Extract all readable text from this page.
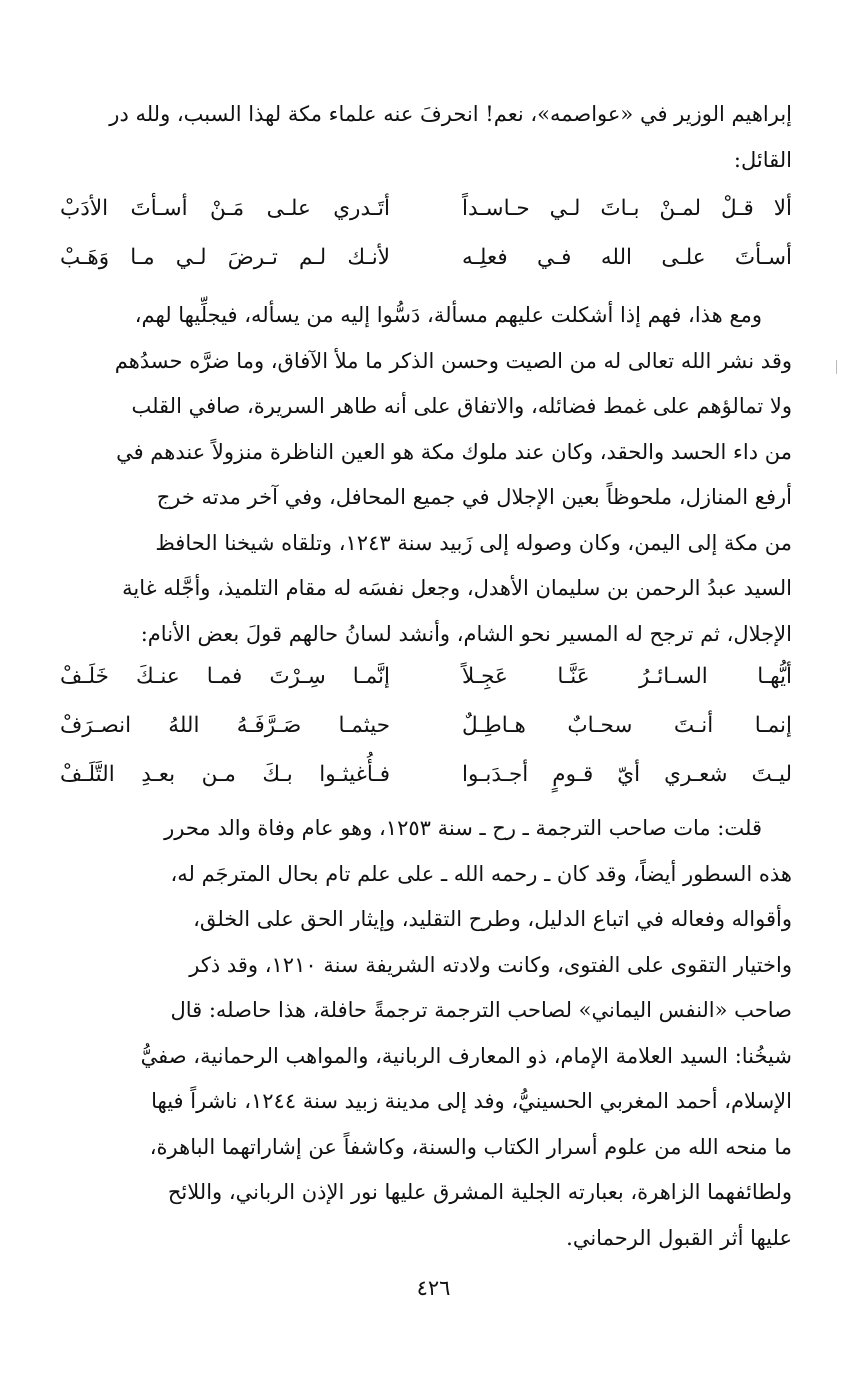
إبراهيم الوزير في «عواصمه»، نعم! انحرفَ عنه علماء مكة لهذا السبب، ولله در
القائل:
ألا قـلْ لمـنْ بـاتَ لـي حـاسـداً
أتَـدري علـى مَـنْ أسـأتَ الأدَبْ
أسـأتَ علـى الله فـي فعلِـه
لأنـك لـم تـرضَ لـي مـا وَهَـبْ
ومع هذا، فهم إذا أشكلت عليهم مسألة، دَسُّوا إليه من يسأله، فيجلِّيها لهم،
وقد نشر الله تعالى له من الصيت وحسن الذكر ما ملأ الآفاق، وما ضرَّه حسدُهم
ولا تمالؤهم على غمط فضائله، والاتفاق على أنه طاهر السريرة، صافي القلب
من داء الحسد والحقد، وكان عند ملوك مكة هو العين الناظرة منزولاً عندهم في
أرفع المنازل، ملحوظاً بعين الإجلال في جميع المحافل، وفي آخر مدته خرج
من مكة إلى اليمن، وكان وصوله إلى زَبيد سنة ١٢٤٣، وتلقاه شيخنا الحافظ
السيد عبدُ الرحمن بن سليمان الأهدل، وجعل نفسَه له مقام التلميذ، وأجَّله غاية
الإجلال، ثم ترجح له المسير نحو الشام، وأنشد لسانُ حالهم قولَ بعض الأنام:
أيُّهـا السـائـرُ عَنَّـا عَجِـلاً
إنَّمـا سِـرْتَ فمـا عنـكَ خَلَـفْ
إنمـا أنـتَ سحـابٌ هـاطِـلٌ
حيثمـا صَـرَّفَـهُ اللهُ انصـرَفْ
ليـتَ شعـري أيّ قـومٍ أجـدَبـوا
فـأُغيثـوا بـكَ مـن بعـدِ التَّلَـفْ
قلت: مات صاحب الترجمة ـ رح ـ سنة ١٢٥٣، وهو عام وفاة والد محرر
هذه السطور أيضاً، وقد كان ـ رحمه الله ـ على علم تام بحال المترجَم له،
وأقواله وفعاله في اتباع الدليل، وطرح التقليد، وإيثار الحق على الخلق،
واختيار التقوى على الفتوى، وكانت ولادته الشريفة سنة ١٢١٠، وقد ذكر
صاحب «النفس اليماني» لصاحب الترجمة ترجمةً حافلة، هذا حاصله: قال
شيخُنا: السيد العلامة الإمام، ذو المعارف الربانية، والمواهب الرحمانية، صفيُّ
الإسلام، أحمد المغربي الحسينيُّ، وفد إلى مدينة زبيد سنة ١٢٤٤، ناشراً فيها
ما منحه الله من علوم أسرار الكتاب والسنة، وكاشفاً عن إشاراتهما الباهرة،
ولطائفهما الزاهرة، بعبارته الجلية المشرق عليها نور الإذن الرباني، واللائح
عليها أثر القبول الرحماني.
٤٢٦
